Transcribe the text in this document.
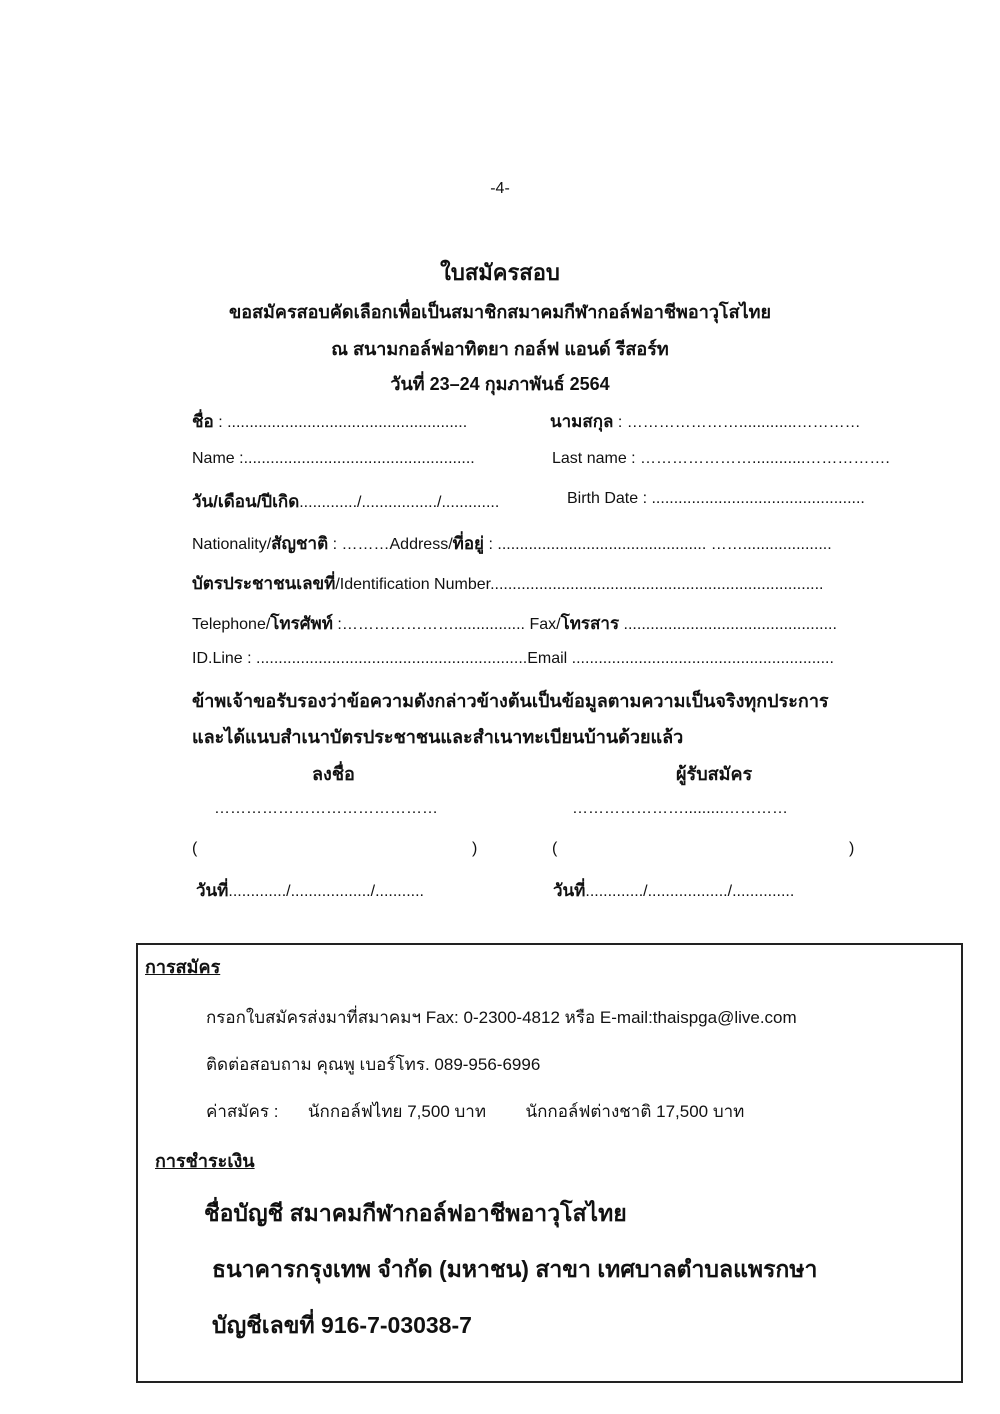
-4-
ใบสมัครสอบ
ขอสมัครสอบคัดเลือกเพื่อเป็นสมาชิกสมาคมกีฬากอล์ฟอาชีพอาวุโสไทย
ณ สนามกอล์ฟอาทิตยา กอล์ฟ แอนด์ รีสอร์ท
วันที่ 23–24 กุมภาพันธ์ 2564
ชื่อ : ......................................................	นามสกุล : ………………….............…………
Name :....................................................	Last name : …………………............…………….
วัน/เดือน/ปีเกิด............./................./.............	Birth Date : ................................................
Nationality/สัญชาติ : ………Address/ที่อยู่ : ............................................... ……....................
บัตรประชาชนเลขที่/Identification Number...........................................................................
Telephone/โทรศัพท์ :…………………................ Fax/โทรสาร ................................................
ID.Line : .............................................................Email ...........................................................
ข้าพเจ้าขอรับรองว่าข้อความดังกล่าวข้างต้นเป็นข้อมูลตามความเป็นจริงทุกประการ
และได้แนบสำเนาบัตรประชาชนและสำเนาทะเบียนบ้านด้วยแล้ว
ลงชื่อ	ผู้รับสมัคร
……………………………………	………………….........…………
(	)	(	)
วันที่............./................../...........	วันที่............./................../..............
การสมัคร
กรอกใบสมัครส่งมาที่สมาคมฯ Fax: 0-2300-4812 หรือ E-mail:thaispga@live.com
ติดต่อสอบถาม คุณพู เบอร์โทร. 089-956-6996
ค่าสมัคร : นักกอล์ฟไทย 7,500 บาท นักกอล์ฟต่างชาติ 17,500 บาท
การชำระเงิน
ชื่อบัญชี สมาคมกีฬากอล์ฟอาชีพอาวุโสไทย
ธนาคารกรุงเทพ จำกัด (มหาชน) สาขา เทศบาลตำบลแพรกษา
บัญชีเลขที่ 916-7-03038-7
